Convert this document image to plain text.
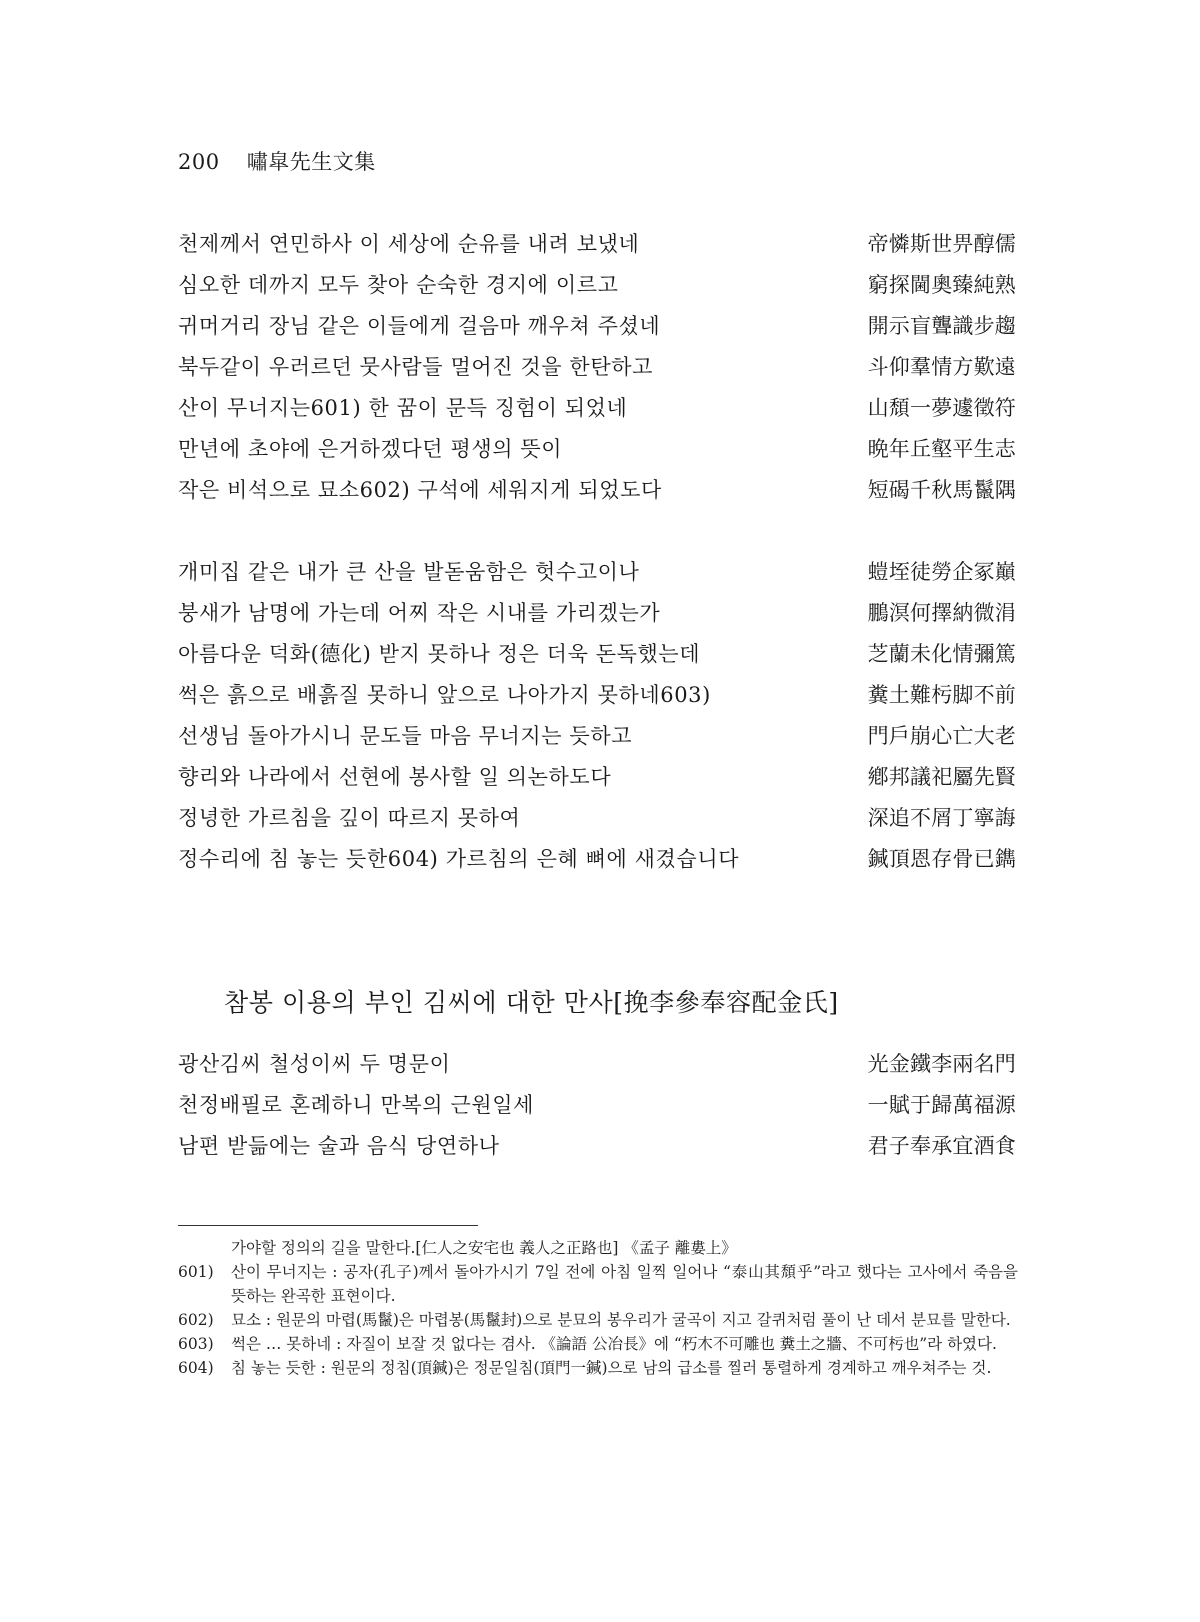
200 嘯皐先生文集
천제께서 연민하사 이 세상에 순유를 내려 보냈네	帝憐斯世畀醇儒
심오한 데까지 모두 찾아 순숙한 경지에 이르고	窮探閫奧臻純熟
귀머거리 장님 같은 이들에게 걸음마 깨우쳐 주셨네	開示盲聾識步趨
북두같이 우러르던 뭇사람들 멀어진 것을 한탄하고	斗仰羣情方歎遠
산이 무너지는601) 한 꿈이 문득 징험이 되었네	山頹一夢遽徵符
만년에 초야에 은거하겠다던 평생의 뜻이	晩年丘壑平生志
작은 비석으로 묘소602) 구석에 세워지게 되었도다	短碣千秋馬鬣隅
개미집 같은 내가 큰 산을 발돋움함은 헛수고이나	螘垤徒勞企冢巔
붕새가 남명에 가는데 어찌 작은 시내를 가리겠는가	鵬溟何擇納微涓
아름다운 덕화(德化) 받지 못하나 정은 더욱 돈독했는데	芝蘭未化情彌篤
썩은 흙으로 배흙질 못하니 앞으로 나아가지 못하네603)	糞土難杇脚不前
선생님 돌아가시니 문도들 마음 무너지는 듯하고	門戶崩心亡大老
향리와 나라에서 선현에 봉사할 일 의논하도다	鄕邦議祀屬先賢
정녕한 가르침을 깊이 따르지 못하여	深追不屑丁寧誨
정수리에 침 놓는 듯한604) 가르침의 은혜 뼈에 새겼습니다	鍼頂恩存骨已鐫
참봉 이용의 부인 김씨에 대한 만사[挽李參奉容配金氏]
광산김씨 철성이씨 두 명문이	光金鐵李兩名門
천정배필로 혼례하니 만복의 근원일세	一賦于歸萬福源
남편 받듦에는 술과 음식 당연하나	君子奉承宜酒食
가야할 정의의 길을 말한다.[仁人之安宅也 義人之正路也] 《孟子 離婁上》
601)	산이 무너지는 : 공자(孔子)께서 돌아가시기 7일 전에 아침 일찍 일어나 “泰山其頹乎”라고 했다는 고사에서 죽음을 뜻하는 완곡한 표현이다.
602)	묘소 : 원문의 마렵(馬鬣)은 마렵봉(馬鬣封)으로 분묘의 봉우리가 굴곡이 지고 갈퀴처럼 풀이 난 데서 분묘를 말한다.
603)	썩은 … 못하네 : 자질이 보잘 것 없다는 겸사. 《論語 公冶長》에 “朽木不可雕也 糞土之牆、不可杇也”라 하였다.
604)	침 놓는 듯한 : 원문의 정침(頂鍼)은 정문일침(頂門一鍼)으로 남의 급소를 찔러 통렬하게 경계하고 깨우쳐주는 것.
